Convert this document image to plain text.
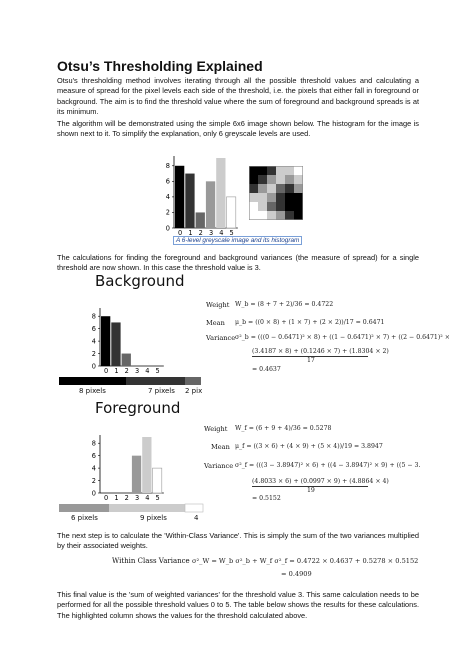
Otsu’s Thresholding Explained

Otsu's thresholding method involves iterating through all the possible threshold values and calculating a measure of spread for the pixel levels each side of the threshold, i.e. the pixels that either fall in foreground or background. The aim is to find the threshold value where the sum of foreground and background spreads is at its minimum.

The algorithm will be demonstrated using the simple 6x6 image shown below. The histogram for the image is shown next to it. To simplify the explanation, only 6 greyscale levels are used.

0
2
4
6
8
0 1 2 3 4 5
A 6-level greyscale image and its histogram

The calculations for finding the foreground and background variances (the measure of spread) for a single threshold are now shown. In this case the threshold value is 3.

Background
0
2
4
6
8
0 1 2 3 4 5
8 pixels	7 pixels 2 pix
Weight W_b = (8 + 7 + 2)/36 = 0.4722
Mean μ_b = ((0 × 8) + (1 × 7) + (2 × 2))/17 = 0.6471
Variance σ²_b = (((0 − 0.6471)² × 8) + ((1 − 0.6471)² × 7) + ((2 − 0.6471)² ×
(3.4187 × 8) + (0.1246 × 7) + (1.8304 × 2)
17
= 0.4637
Foreground
0
2
4
6
8
0 1 2 3 4 5
6 pixels	9 pixels	4
Weight W_f = (6 + 9 + 4)/36 = 0.5278
Mean μ_f = ((3 × 6) + (4 × 9) + (5 × 4))/19 = 3.8947
Variance σ²_f = (((3 − 3.8947)² × 6) + ((4 − 3.8947)² × 9) + ((5 − 3.
(4.8033 × 6) + (0.0997 × 9) + (4.8864 × 4)
19
= 0.5152

The next step is to calculate the 'Within-Class Variance'. This is simply the sum of the two variances multiplied by their associated weights.

Within Class Variance σ²_W = W_b σ²_b + W_f σ²_f = 0.4722 × 0.4637 + 0.5278 × 0.5152
= 0.4909

This final value is the 'sum of weighted variances' for the threshold value 3. This same calculation needs to be performed for all the possible threshold values 0 to 5. The table below shows the results for these calculations. The highlighted column shows the values for the threshold calculated above.
